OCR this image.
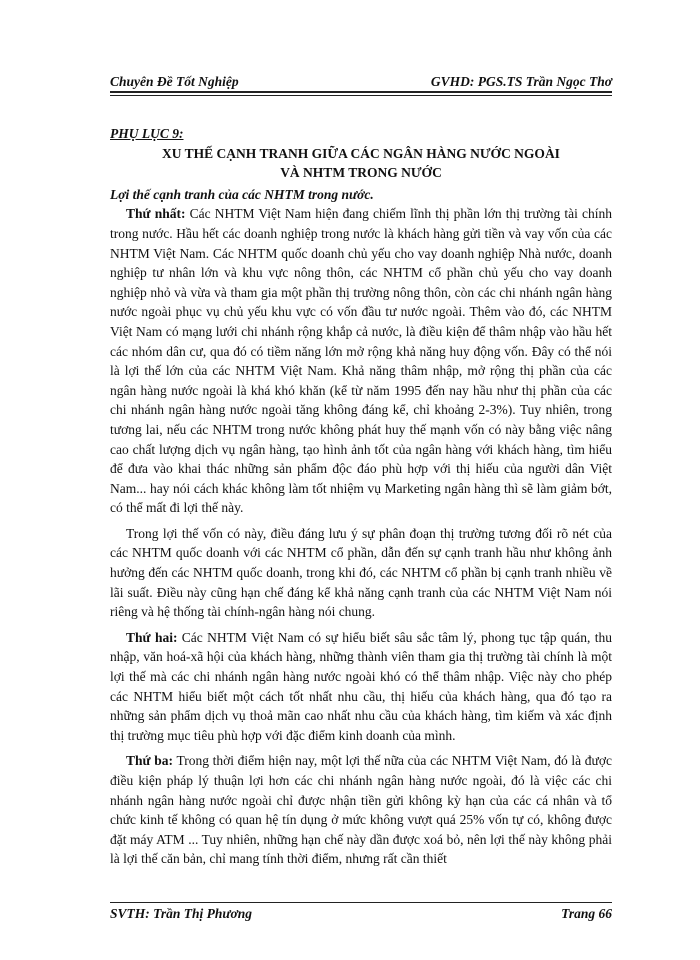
Chuyên Đề Tốt Nghiệp	GVHD: PGS.TS Trần Ngọc Thơ

PHỤ LỤC 9:

XU THẾ CẠNH TRANH GIỮA CÁC NGÂN HÀNG NƯỚC NGOÀI

VÀ NHTM TRONG NƯỚC

Lợi thế cạnh tranh của các NHTM trong nước.

Thứ nhất: Các NHTM Việt Nam hiện đang chiếm lĩnh thị phần lớn thị trường tài chính trong nước. Hầu hết các doanh nghiệp trong nước là khách hàng gửi tiền và vay vốn của các NHTM Việt Nam. Các NHTM quốc doanh chủ yếu cho vay doanh nghiệp Nhà nước, doanh nghiệp tư nhân lớn và khu vực nông thôn, các NHTM cổ phần chủ yếu cho vay doanh nghiệp nhỏ và vừa và tham gia một phần thị trường nông thôn, còn các chi nhánh ngân hàng nước ngoài phục vụ chủ yếu khu vực có vốn đầu tư nước ngoài. Thêm vào đó, các NHTM Việt Nam có mạng lưới chi nhánh rộng khắp cả nước, là điều kiện để thâm nhập vào hầu hết các nhóm dân cư, qua đó có tiềm năng lớn mở rộng khả năng huy động vốn. Đây có thể nói là lợi thế lớn của các NHTM Việt Nam. Khả năng thâm nhập, mở rộng thị phần của các ngân hàng nước ngoài là khá khó khăn (kể từ năm 1995 đến nay hầu như thị phần của các chi nhánh ngân hàng nước ngoài tăng không đáng kể, chỉ khoảng 2-3%). Tuy nhiên, trong tương lai, nếu các NHTM trong nước không phát huy thế mạnh vốn có này bằng việc nâng cao chất lượng dịch vụ ngân hàng, tạo hình ảnh tốt của ngân hàng với khách hàng, tìm hiểu để đưa vào khai thác những sản phẩm độc đáo phù hợp với thị hiếu của người dân Việt Nam... hay nói cách khác không làm tốt nhiệm vụ Marketing ngân hàng thì sẽ làm giảm bớt, có thể mất đi lợi thế này.

Trong lợi thế vốn có này, điều đáng lưu ý sự phân đoạn thị trường tương đối rõ nét của các NHTM quốc doanh với các NHTM cổ phần, dẫn đến sự cạnh tranh hầu như không ảnh hưởng đến các NHTM quốc doanh, trong khi đó, các NHTM cổ phần bị cạnh tranh nhiều về lãi suất. Điều này cũng hạn chế đáng kể khả năng cạnh tranh của các NHTM Việt Nam nói riêng và hệ thống tài chính-ngân hàng nói chung.

Thứ hai: Các NHTM Việt Nam có sự hiểu biết sâu sắc tâm lý, phong tục tập quán, thu nhập, văn hoá-xã hội của khách hàng, những thành viên tham gia thị trường tài chính là một lợi thế mà các chi nhánh ngân hàng nước ngoài khó có thể thâm nhập. Việc này cho phép các NHTM hiểu biết một cách tốt nhất nhu cầu, thị hiếu của khách hàng, qua đó tạo ra những sản phẩm dịch vụ thoả mãn cao nhất nhu cầu của khách hàng, tìm kiếm và xác định thị trường mục tiêu phù hợp với đặc điểm kinh doanh của mình.

Thứ ba: Trong thời điểm hiện nay, một lợi thế nữa của các NHTM Việt Nam, đó là được điều kiện pháp lý thuận lợi hơn các chi nhánh ngân hàng nước ngoài, đó là việc các chi nhánh ngân hàng nước ngoài chỉ được nhận tiền gửi không kỳ hạn của các cá nhân và tổ chức kinh tế không có quan hệ tín dụng ở mức không vượt quá 25% vốn tự có, không được đặt máy ATM ... Tuy nhiên, những hạn chế này dần được xoá bỏ, nên lợi thế này không phải là lợi thế căn bản, chỉ mang tính thời điểm, nhưng rất cần thiết

SVTH: Trần Thị Phương	Trang 66
